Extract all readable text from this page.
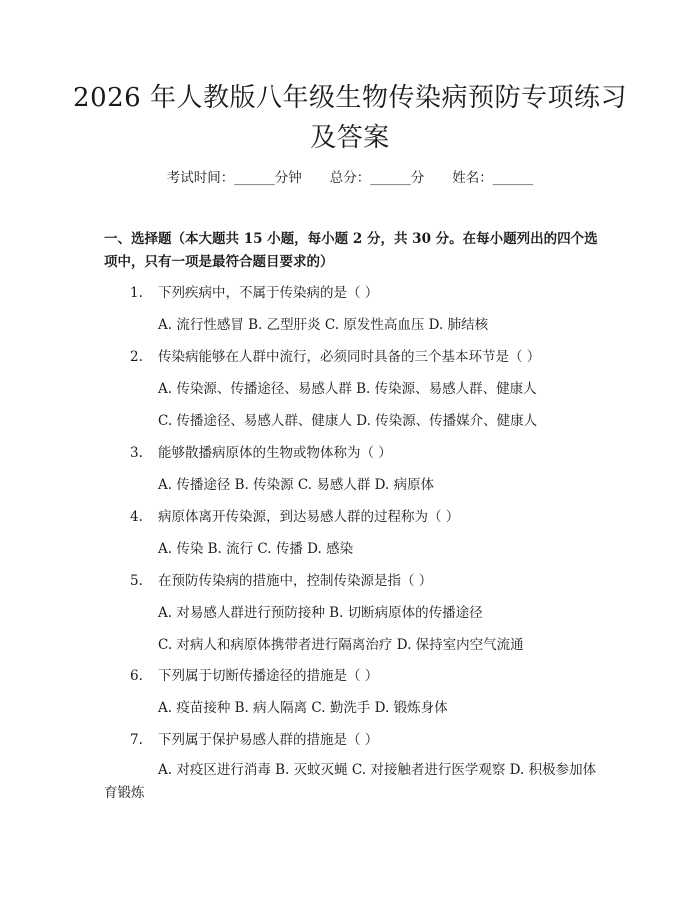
2026 年人教版八年级生物传染病预防专项练习及答案
考试时间：______分钟 总分：______分 姓名：______
一、选择题（本大题共 15 小题，每小题 2 分，共 30 分。在每小题列出的四个选项中，只有一项是最符合题目要求的）
1. 下列疾病中，不属于传染病的是（ ）
A. 流行性感冒 B. 乙型肝炎 C. 原发性高血压 D. 肺结核
2. 传染病能够在人群中流行，必须同时具备的三个基本环节是（ ）
A. 传染源、传播途径、易感人群 B. 传染源、易感人群、健康人
C. 传播途径、易感人群、健康人 D. 传染源、传播媒介、健康人
3. 能够散播病原体的生物或物体称为（ ）
A. 传播途径 B. 传染源 C. 易感人群 D. 病原体
4. 病原体离开传染源，到达易感人群的过程称为（ ）
A. 传染 B. 流行 C. 传播 D. 感染
5. 在预防传染病的措施中，控制传染源是指（ ）
A. 对易感人群进行预防接种 B. 切断病原体的传播途径
C. 对病人和病原体携带者进行隔离治疗 D. 保持室内空气流通
6. 下列属于切断传播途径的措施是（ ）
A. 疫苗接种 B. 病人隔离 C. 勤洗手 D. 锻炼身体
7. 下列属于保护易感人群的措施是（ ）
A. 对疫区进行消毒 B. 灭蚊灭蝇 C. 对接触者进行医学观察 D. 积极参加体育锻炼
